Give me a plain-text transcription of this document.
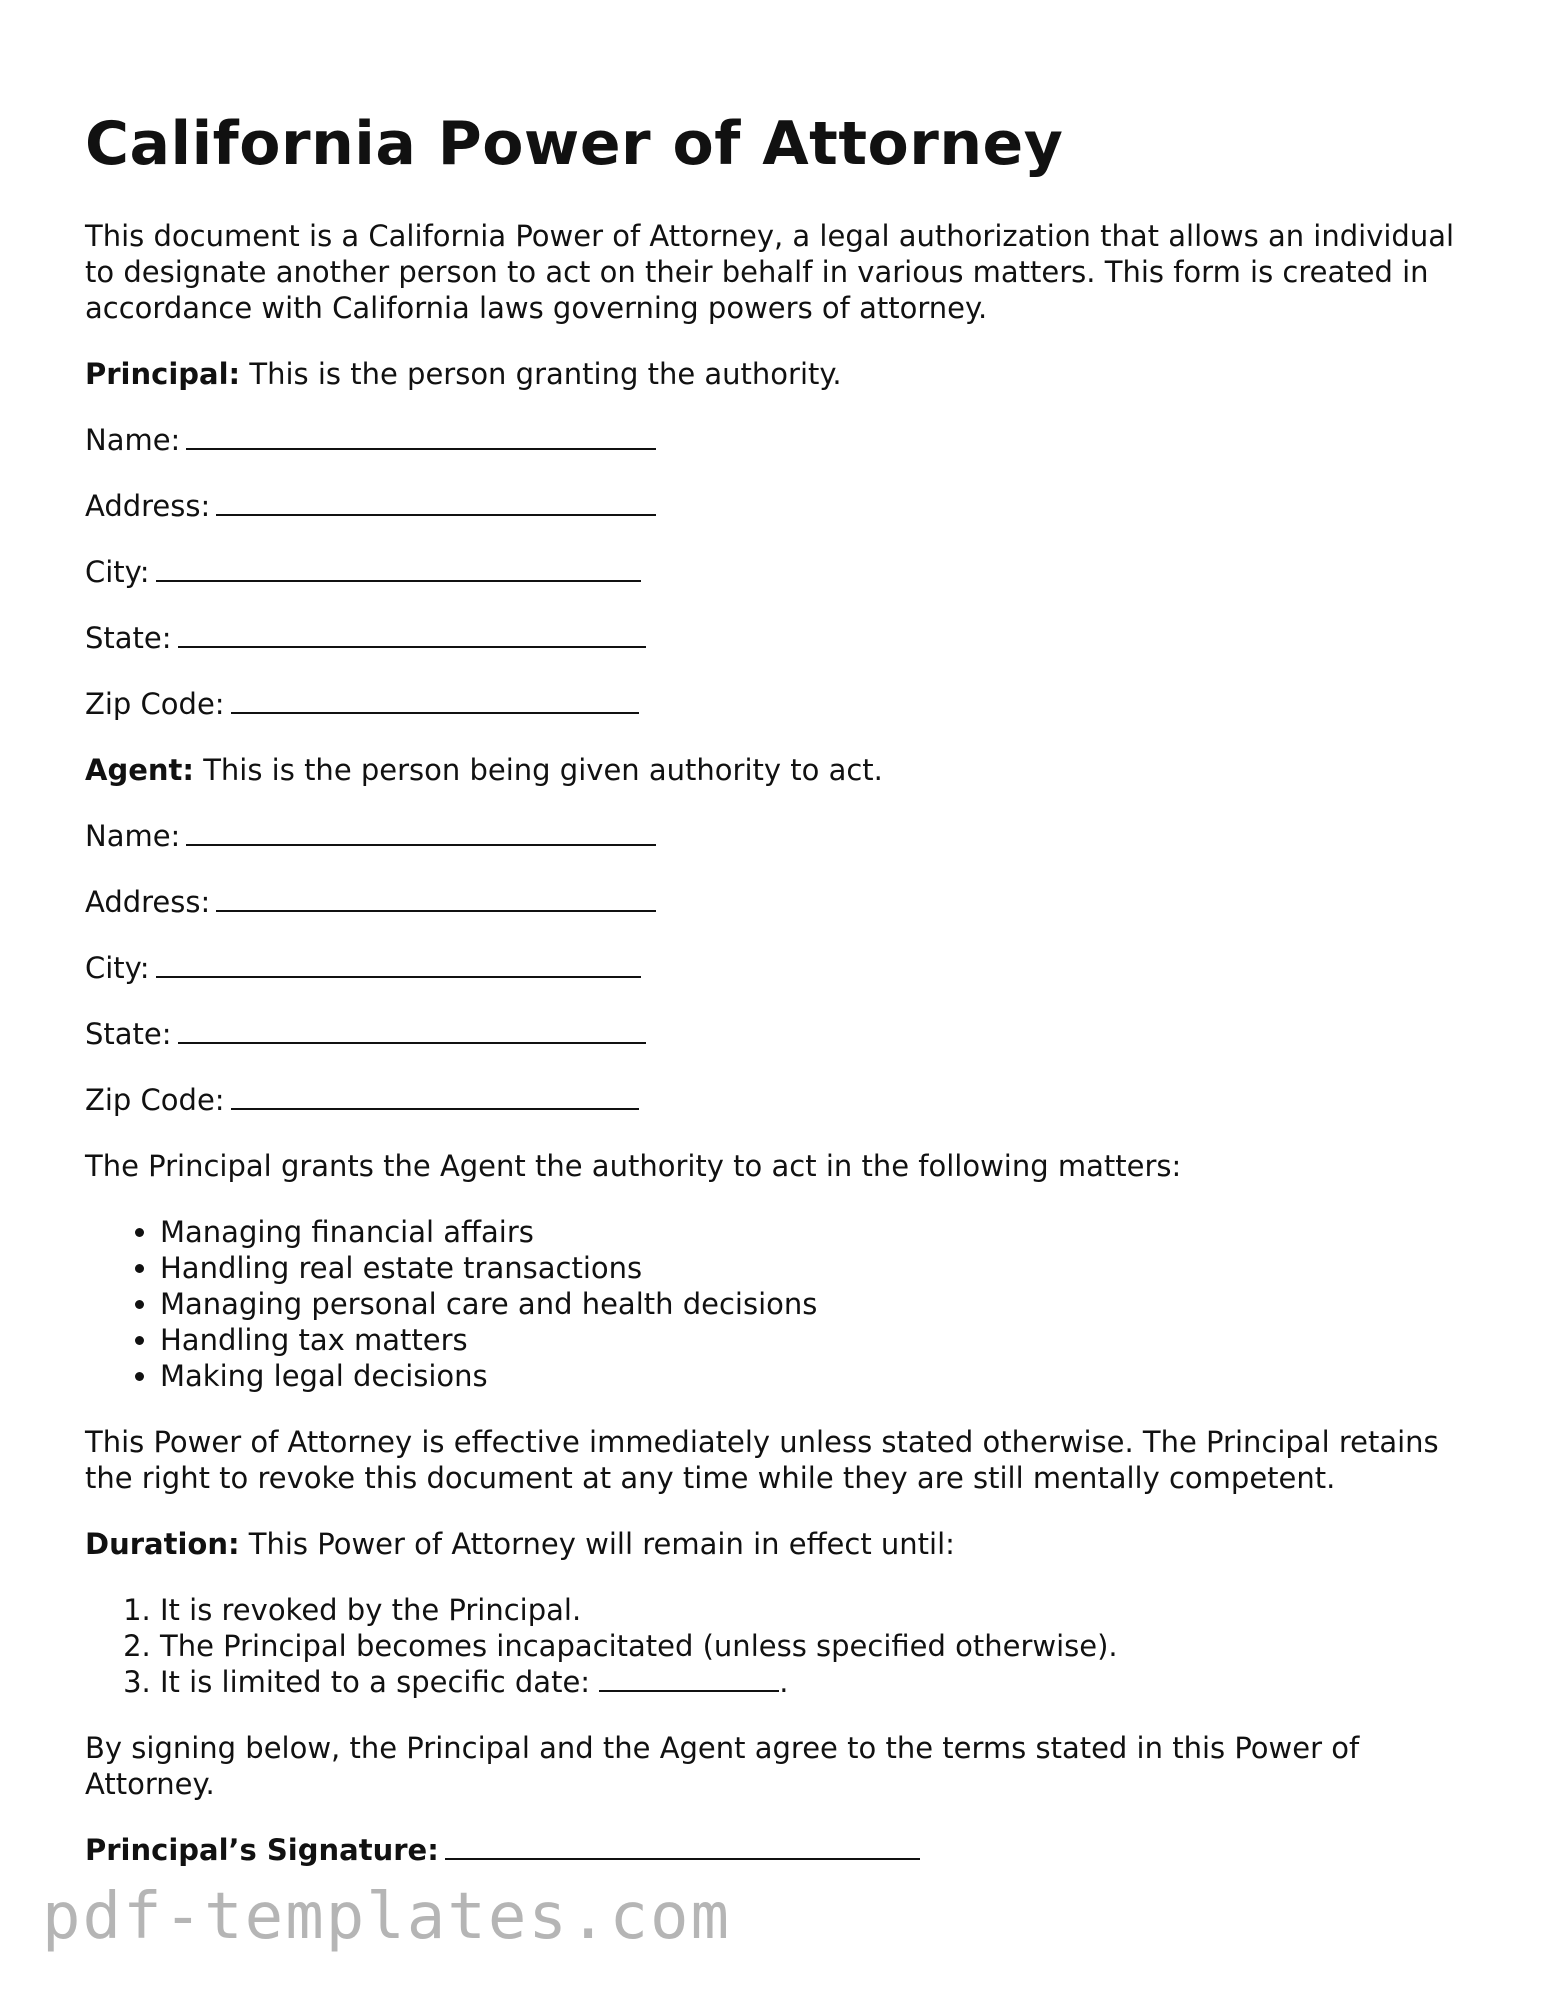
California Power of Attorney

This document is a California Power of Attorney, a legal authorization that allows an individual to designate another person to act on their behalf in various matters. This form is created in accordance with California laws governing powers of attorney.

Principal: This is the person granting the authority.

Name:
Address:
City:
State:
Zip Code:

Agent: This is the person being given authority to act.

Name:
Address:
City:
State:
Zip Code:

The Principal grants the Agent the authority to act in the following matters:

• Managing financial affairs
• Handling real estate transactions
• Managing personal care and health decisions
• Handling tax matters
• Making legal decisions

This Power of Attorney is effective immediately unless stated otherwise. The Principal retains the right to revoke this document at any time while they are still mentally competent.

Duration: This Power of Attorney will remain in effect until:

1. It is revoked by the Principal.
2. The Principal becomes incapacitated (unless specified otherwise).
3. It is limited to a specific date:	.

By signing below, the Principal and the Agent agree to the terms stated in this Power of Attorney.

Principal’s Signature:
pdf-templates.com
